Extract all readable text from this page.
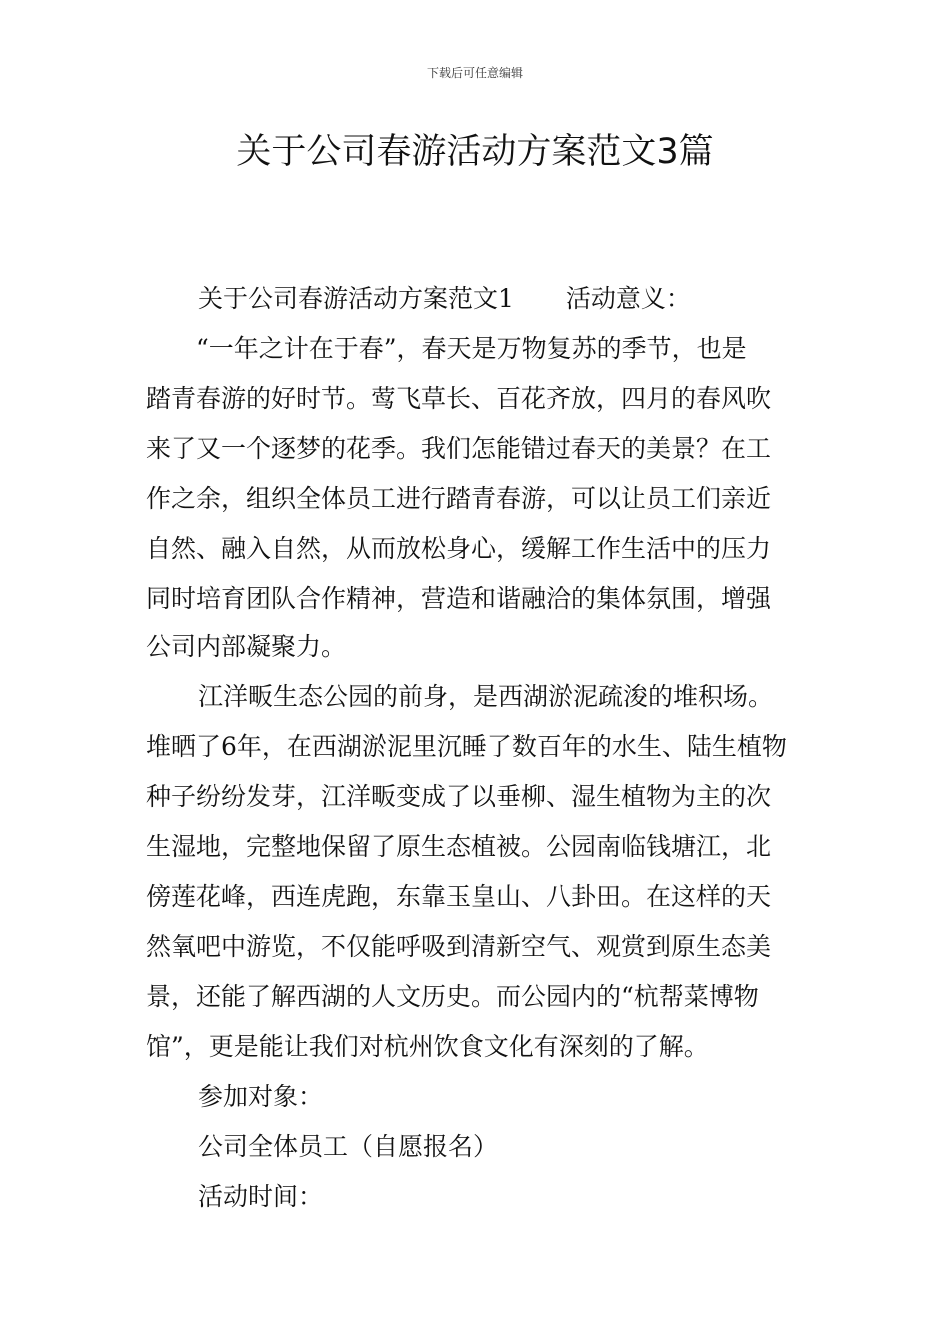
下载后可任意编辑
关于公司春游活动方案范文3篇
关于公司春游活动方案范文1 活动意义：
“一年之计在于春”，春天是万物复苏的季节，也是
踏青春游的好时节。莺飞草长、百花齐放，四月的春风吹
来了又一个逐梦的花季。我们怎能错过春天的美景？在工
作之余，组织全体员工进行踏青春游，可以让员工们亲近
自然、融入自然，从而放松身心，缓解工作生活中的压力
同时培育团队合作精神，营造和谐融洽的集体氛围，增强
公司内部凝聚力。
江洋畈生态公园的前身，是西湖淤泥疏浚的堆积场。
堆晒了6年，在西湖淤泥里沉睡了数百年的水生、陆生植物
种子纷纷发芽，江洋畈变成了以垂柳、湿生植物为主的次
生湿地，完整地保留了原生态植被。公园南临钱塘江，北
傍莲花峰，西连虎跑，东靠玉皇山、八卦田。在这样的天
然氧吧中游览，不仅能呼吸到清新空气、观赏到原生态美
景，还能了解西湖的人文历史。而公园内的“杭帮菜博物
馆”，更是能让我们对杭州饮食文化有深刻的了解。
参加对象：
公司全体员工（自愿报名）
活动时间：
